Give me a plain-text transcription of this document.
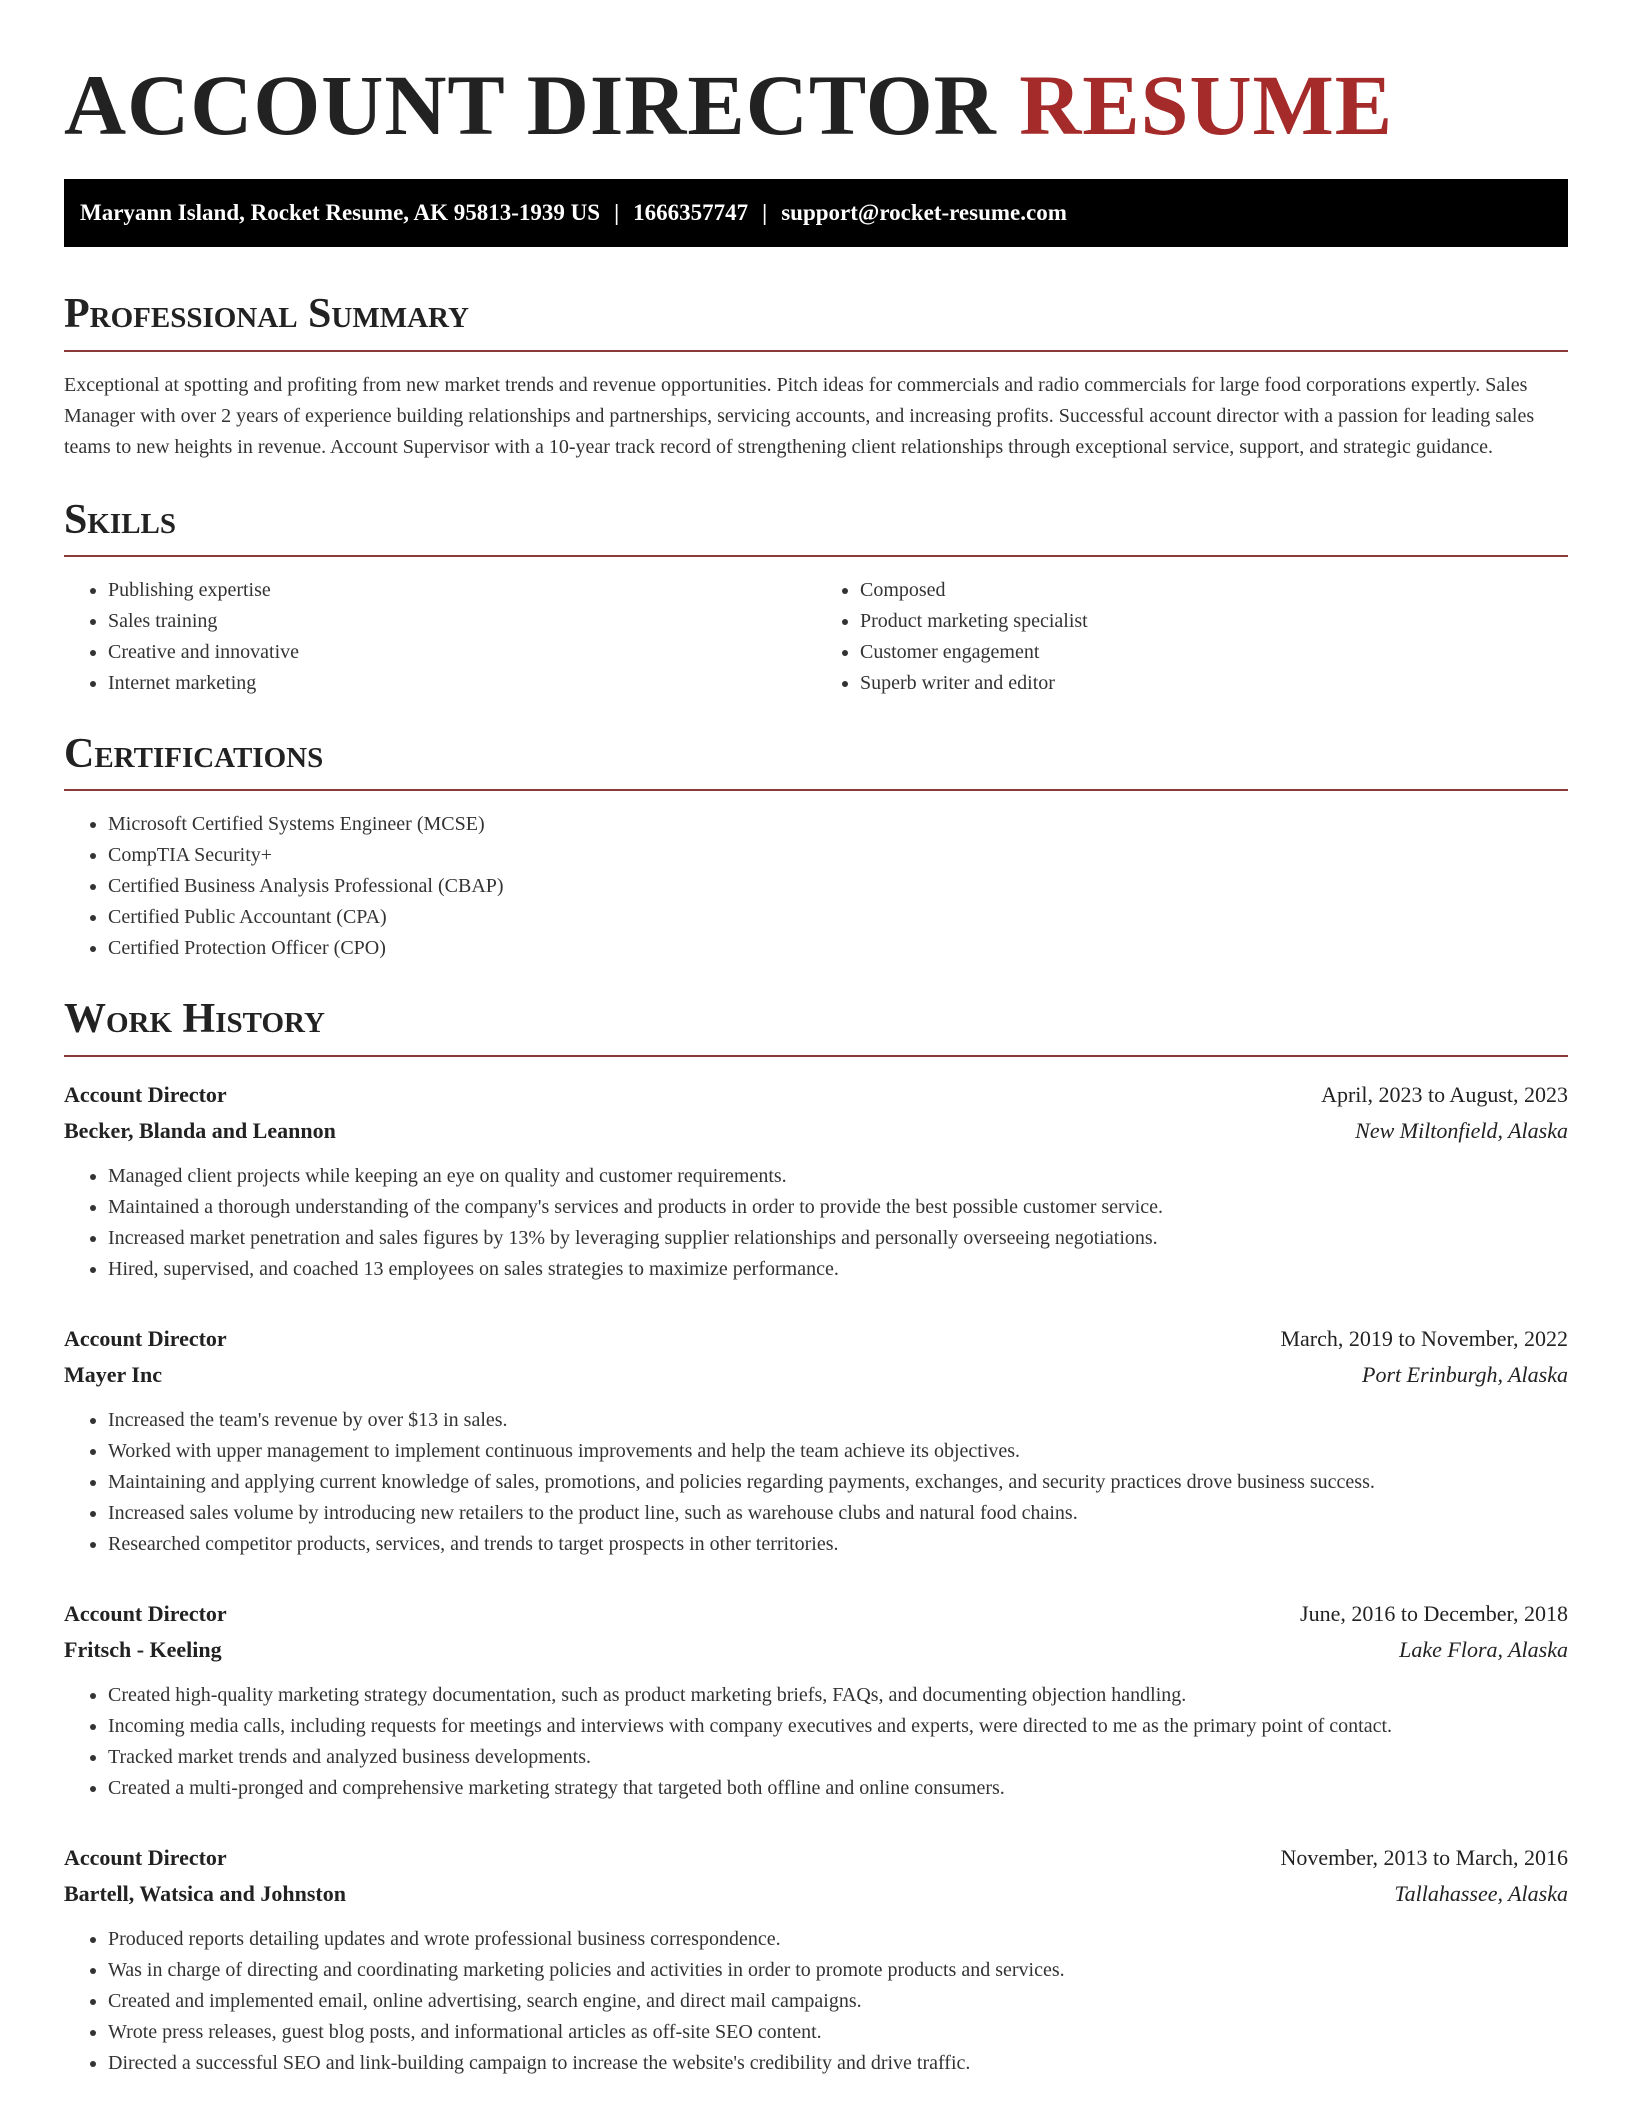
ACCOUNT DIRECTOR RESUME
Maryann Island, Rocket Resume, AK 95813-1939 US | 1666357747 | support@rocket-resume.com
Professional Summary

Exceptional at spotting and profiting from new market trends and revenue opportunities. Pitch ideas for commercials and radio commercials for large food corporations expertly. Sales Manager with over 2 years of experience building relationships and partnerships, servicing accounts, and increasing profits. Successful account director with a passion for leading sales teams to new heights in revenue. Account Supervisor with a 10-year track record of strengthening client relationships through exceptional service, support, and strategic guidance.

Skills
• Publishing expertise
• Sales training
• Creative and innovative
• Internet marketing
• Composed
• Product marketing specialist
• Customer engagement
• Superb writer and editor
Certifications
• Microsoft Certified Systems Engineer (MCSE)
• CompTIA Security+
• Certified Business Analysis Professional (CBAP)
• Certified Public Accountant (CPA)
• Certified Protection Officer (CPO)
Work History
Account Director	April, 2023 to August, 2023
Becker, Blanda and Leannon	New Miltonfield, Alaska
• Managed client projects while keeping an eye on quality and customer requirements.
• Maintained a thorough understanding of the company's services and products in order to provide the best possible customer service.
• Increased market penetration and sales figures by 13% by leveraging supplier relationships and personally overseeing negotiations.
• Hired, supervised, and coached 13 employees on sales strategies to maximize performance.
Account Director	March, 2019 to November, 2022
Mayer Inc	Port Erinburgh, Alaska
• Increased the team's revenue by over $13 in sales.
• Worked with upper management to implement continuous improvements and help the team achieve its objectives.
• Maintaining and applying current knowledge of sales, promotions, and policies regarding payments, exchanges, and security practices drove business success.
• Increased sales volume by introducing new retailers to the product line, such as warehouse clubs and natural food chains.
• Researched competitor products, services, and trends to target prospects in other territories.
Account Director	June, 2016 to December, 2018
Fritsch - Keeling	Lake Flora, Alaska
• Created high-quality marketing strategy documentation, such as product marketing briefs, FAQs, and documenting objection handling.
• Incoming media calls, including requests for meetings and interviews with company executives and experts, were directed to me as the primary point of contact.
• Tracked market trends and analyzed business developments.
• Created a multi-pronged and comprehensive marketing strategy that targeted both offline and online consumers.
Account Director	November, 2013 to March, 2016
Bartell, Watsica and Johnston	Tallahassee, Alaska
• Produced reports detailing updates and wrote professional business correspondence.
• Was in charge of directing and coordinating marketing policies and activities in order to promote products and services.
• Created and implemented email, online advertising, search engine, and direct mail campaigns.
• Wrote press releases, guest blog posts, and informational articles as off-site SEO content.
• Directed a successful SEO and link-building campaign to increase the website's credibility and drive traffic.
